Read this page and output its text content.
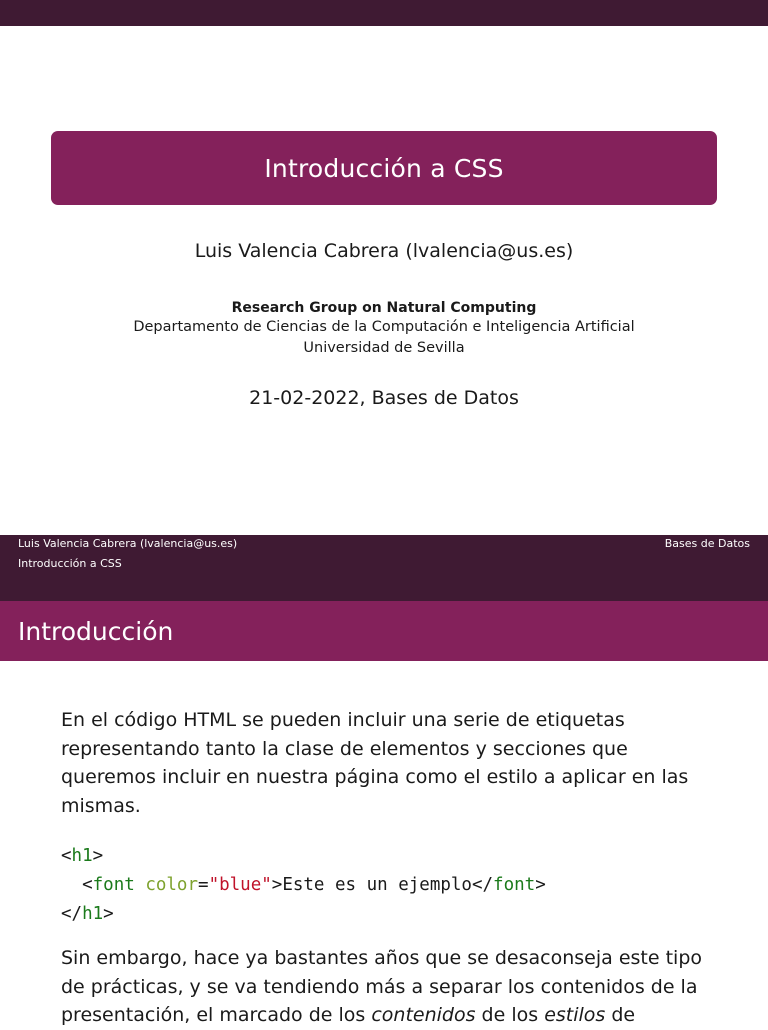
Introducción a CSS
Luis Valencia Cabrera (lvalencia@us.es)
Research Group on Natural Computing
Departamento de Ciencias de la Computación e Inteligencia Artificial
Universidad de Sevilla
21-02-2022, Bases de Datos
Luis Valencia Cabrera (lvalencia@us.es)	Bases de Datos
Introducción a CSS
Introducción
En el código HTML se pueden incluir una serie de etiquetas representando tanto la clase de elementos y secciones que queremos incluir en nuestra página como el estilo a aplicar en las mismas.
<h1>
<font color="blue">Este es un ejemplo</font>
</h1>
Sin embargo, hace ya bastantes años que se desaconseja este tipo de prácticas, y se va tendiendo más a separar los contenidos de la presentación, el marcado de los contenidos de los estilos de
